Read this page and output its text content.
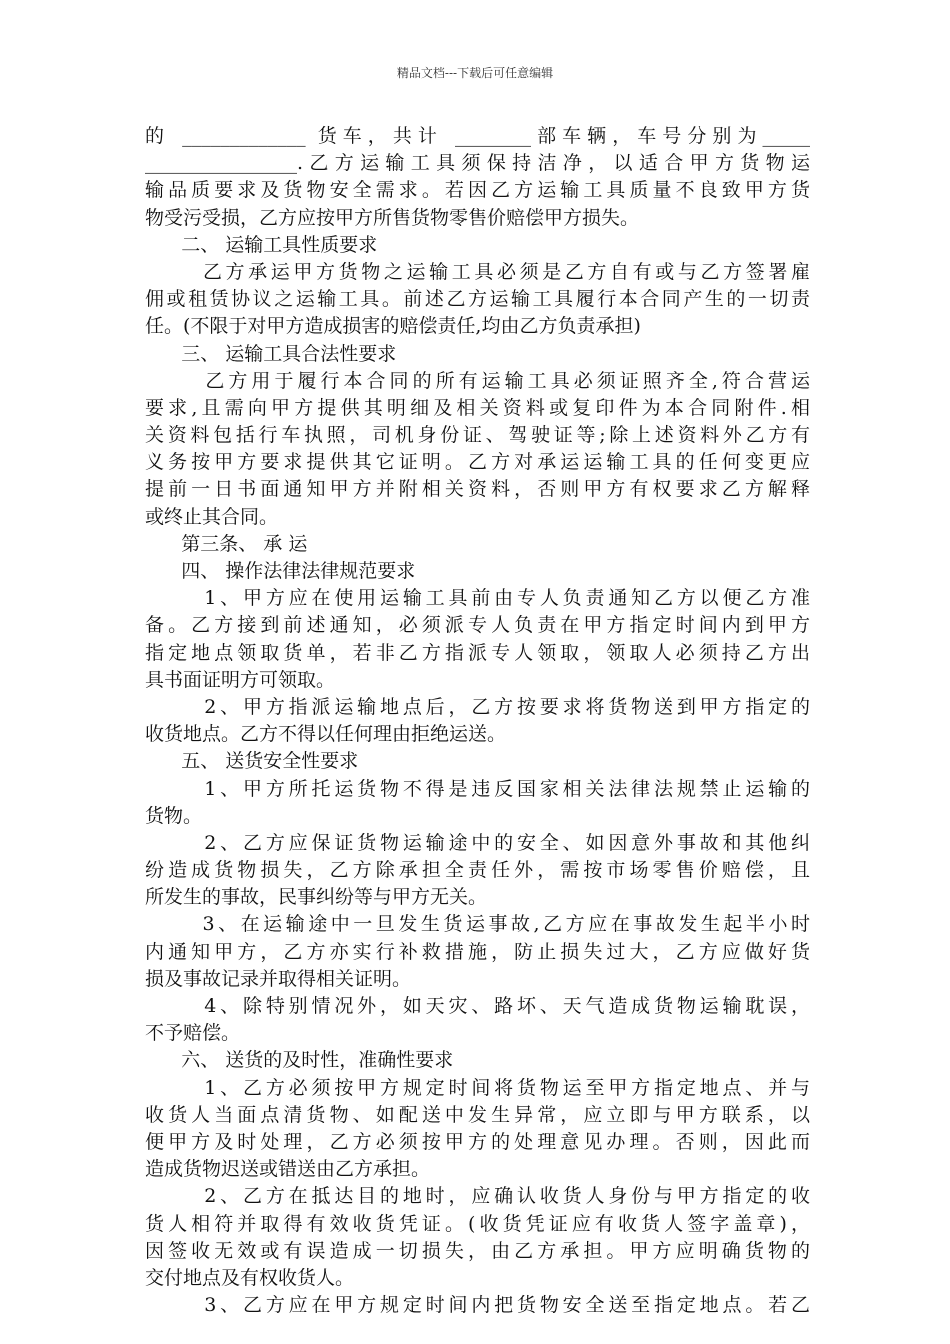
精品文档---下载后可任意编辑
的 _____________ 货车，共计 ________部车辆，车号分别为_____
________________.乙方运输工具须保持洁净，以适合甲方货物运
输品质要求及货物安全需求。若因乙方运输工具质量不良致甲方货
物受污受损，乙方应按甲方所售货物零售价赔偿甲方损失。
二、 运输工具性质要求
乙方承运甲方货物之运输工具必须是乙方自有或与乙方签署雇
佣或租赁协议之运输工具。前述乙方运输工具履行本合同产生的一切责
任。(不限于对甲方造成损害的赔偿责任,均由乙方负责承担)
三、 运输工具合法性要求
乙方用于履行本合同的所有运输工具必须证照齐全,符合营运
要求,且需向甲方提供其明细及相关资料或复印件为本合同附件.相
关资料包括行车执照，司机身份证、驾驶证等;除上述资料外乙方有
义务按甲方要求提供其它证明。乙方对承运运输工具的任何变更应
提前一日书面通知甲方并附相关资料，否则甲方有权要求乙方解释
或终止其合同。
第三条、 承 运
四、 操作法律法律规范要求
1、甲方应在使用运输工具前由专人负责通知乙方以便乙方准
备。乙方接到前述通知，必须派专人负责在甲方指定时间内到甲方
指定地点领取货单，若非乙方指派专人领取，领取人必须持乙方出
具书面证明方可领取。
2、甲方指派运输地点后，乙方按要求将货物送到甲方指定的
收货地点。乙方不得以任何理由拒绝运送。
五、 送货安全性要求
1、甲方所托运货物不得是违反国家相关法律法规禁止运输的
货物。
2、乙方应保证货物运输途中的安全、如因意外事故和其他纠
纷造成货物损失，乙方除承担全责任外，需按市场零售价赔偿，且
所发生的事故，民事纠纷等与甲方无关。
3、在运输途中一旦发生货运事故,乙方应在事故发生起半小时
内通知甲方，乙方亦实行补救措施，防止损失过大，乙方应做好货
损及事故记录并取得相关证明。
4、除特别情况外，如天灾、路坏、天气造成货物运输耽误，
不予赔偿。
六、 送货的及时性，准确性要求
1、乙方必须按甲方规定时间将货物运至甲方指定地点、并与
收货人当面点清货物、如配送中发生异常，应立即与甲方联系，以
便甲方及时处理，乙方必须按甲方的处理意见办理。否则，因此而
造成货物迟送或错送由乙方承担。
2、乙方在抵达目的地时，应确认收货人身份与甲方指定的收
货人相符并取得有效收货凭证。(收货凭证应有收货人签字盖章)，
因签收无效或有误造成一切损失，由乙方承担。甲方应明确货物的
交付地点及有权收货人。
3、乙方应在甲方规定时间内把货物安全送至指定地点。若乙
